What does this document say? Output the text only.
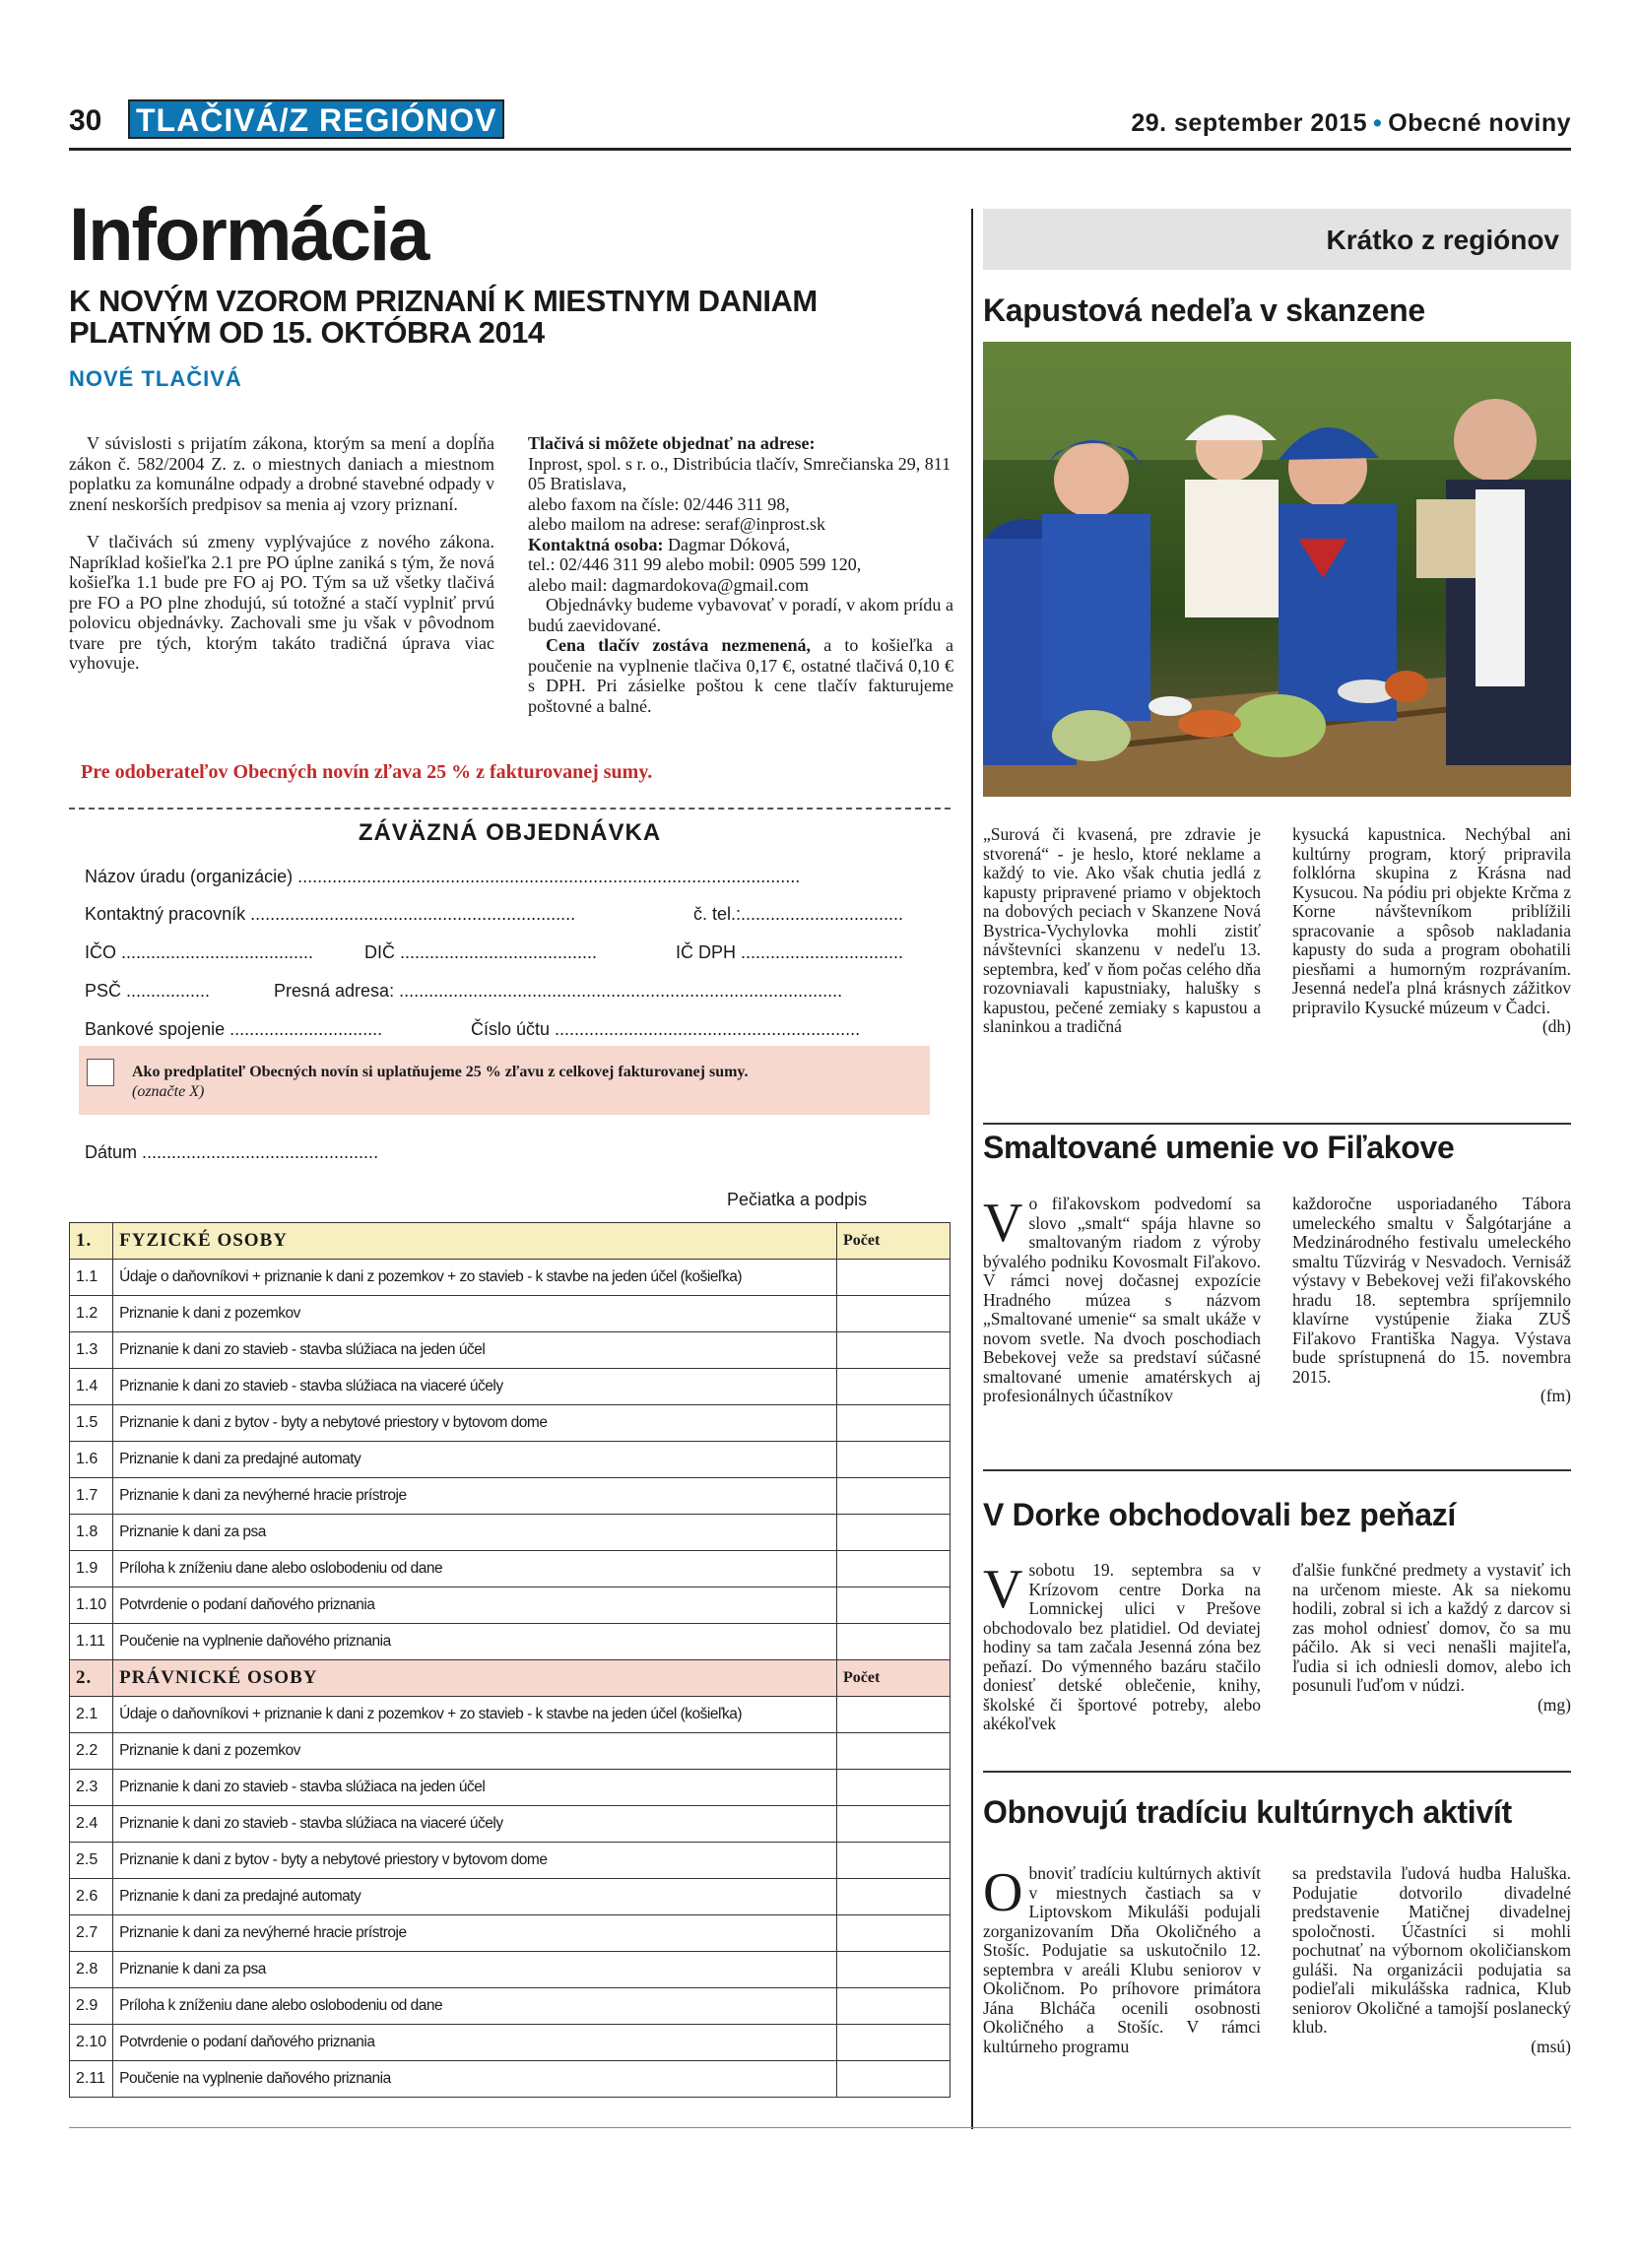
30 TLAČIVÁ/Z REGIÓNOV	29. september 2015 • Obecné noviny
Informácia
K NOVÝM VZOROM PRIZNANÍ K MIESTNYM DANIAM PLATNÝM OD 15. OKTÓBRA 2014
NOVÉ TLAČIVÁ

V súvislosti s prijatím zákona, ktorým sa mení a dopĺňa zákon č. 582/2004 Z. z. o miestnych daniach a miestnom poplatku za komunálne odpady a drobné stavebné odpady v znení neskorších predpisov sa menia aj vzory priznaní.

V tlačivách sú zmeny vyplývajúce z nového zákona. Napríklad košieľka 2.1 pre PO úplne zaniká s tým, že nová košieľka 1.1 bude pre FO aj PO. Tým sa už všetky tlačivá pre FO a PO plne zhodujú, sú totožné a stačí vyplniť prvú polovicu objednávky. Zachovali sme ju však v pôvodnom tvare pre tých, ktorým takáto tradičná úprava viac vyhovuje.

Tlačivá si môžete objednať na adrese:

Inprost, spol. s r. o., Distribúcia tlačív, Smrečianska 29, 811 05 Bratislava,

alebo faxom na čísle: 02/446 311 98,

alebo mailom na adrese: seraf@inprost.sk

Kontaktná osoba: Dagmar Dóková,

tel.: 02/446 311 99 alebo mobil: 0905 599 120,

alebo mail: dagmardokova@gmail.com

Objednávky budeme vybavovať v poradí, v akom prídu a budú zaevidované.

Cena tlačív zostáva nezmenená, a to košieľka a poučenie na vyplnenie tlačiva 0,17 €, ostatné tlačivá 0,10 € s DPH. Pri zásielke poštou k cene tlačív fakturujeme poštovné a balné.

Pre odoberateľov Obecných novín zľava 25 % z fakturovanej sumy.
ZÁVÄZNÁ OBJEDNÁVKA
Názov úradu (organizácie) ......................................................................................................
Kontaktný pracovník ..................................................................	č. tel.:.................................
IČO .......................................	DIČ ........................................	IČ DPH .................................
PSČ .................	Presná adresa: ..........................................................................................
Bankové spojenie ...............................	Číslo účtu ..............................................................
Ako predplatiteľ Obecných novín si uplatňujeme 25 % zľavu z celkovej fakturovanej sumy.
(označte X)
Dátum ................................................
Pečiatka a podpis
1.	FYZICKÉ OSOBY	Počet
1.1	Údaje o daňovníkovi + priznanie k dani z pozemkov + zo stavieb - k stavbe na jeden účel (košieľka)	
1.2	Priznanie k dani z pozemkov	
1.3	Priznanie k dani zo stavieb - stavba slúžiaca na jeden účel	
1.4	Priznanie k dani zo stavieb - stavba slúžiaca na viaceré účely	
1.5	Priznanie k dani z bytov - byty a nebytové priestory v bytovom dome	
1.6	Priznanie k dani za predajné automaty	
1.7	Priznanie k dani za nevýherné hracie prístroje	
1.8	Priznanie k dani za psa	
1.9	Príloha k zníženiu dane alebo oslobodeniu od dane	
1.10	Potvrdenie o podaní daňového priznania	
1.11	Poučenie na vyplnenie daňového priznania	
2.	PRÁVNICKÉ OSOBY	Počet
2.1	Údaje o daňovníkovi + priznanie k dani z pozemkov + zo stavieb - k stavbe na jeden účel (košieľka)	
2.2	Priznanie k dani z pozemkov	
2.3	Priznanie k dani zo stavieb - stavba slúžiaca na jeden účel	
2.4	Priznanie k dani zo stavieb - stavba slúžiaca na viaceré účely	
2.5	Priznanie k dani z bytov - byty a nebytové priestory v bytovom dome	
2.6	Priznanie k dani za predajné automaty	
2.7	Priznanie k dani za nevýherné hracie prístroje	
2.8	Priznanie k dani za psa	
2.9	Príloha k zníženiu dane alebo oslobodeniu od dane	
2.10	Potvrdenie o podaní daňového priznania	
2.11	Poučenie na vyplnenie daňového priznania	
Krátko z regiónov
Kapustová nedeľa v skanzene
„Surová či kvasená, pre zdravie je stvorená“ - je heslo, ktoré neklame a každý to vie. Ako však chutia jedlá z kapusty pripravené priamo v objektoch na dobových peciach v Skanzene Nová Bystrica-Vychylovka mohli zistiť návštevníci skanzenu v nedeľu 13. septembra, keď v ňom počas celého dňa rozovniavali kapustniaky, halušky s kapustou, pečené zemiaky s kapustou a slaninkou a tradičná
kysucká kapustnica. Nechýbal ani kultúrny program, ktorý pripravila folklórna skupina z Krásna nad Kysucou. Na pódiu pri objekte Krčma z Korne návštevníkom priblížili spracovanie a spôsob nakladania kapusty do suda a program obohatili piesňami a humorným rozprávaním. Jesenná nedeľa plná krásnych zážitkov pripravilo Kysucké múzeum v Čadci.
(dh)
Smaltované umenie vo Fiľakove
Vo fiľakovskom podvedomí sa slovo „smalt“ spája hlavne so smaltovaným riadom z výroby bývalého podniku Kovosmalt Fiľakovo. V rámci novej dočasnej expozície Hradného múzea s názvom „Smaltované umenie“ sa smalt ukáže v novom svetle. Na dvoch poschodiach Bebekovej veže sa predstaví súčasné smaltované umenie amatérskych aj profesionálnych účastníkov
každoročne usporiadaného Tábora umeleckého smaltu v Šalgótarjáne a Medzinárodného festivalu umeleckého smaltu Tűzvirág v Nesvadoch. Vernisáž výstavy v Bebekovej veži fiľakovského hradu 18. septembra spríjemnilo klavírne vystúpenie žiaka ZUŠ Fiľakovo Františka Nagya. Výstava bude sprístupnená do 15. novembra 2015.
(fm)
V Dorke obchodovali bez peňazí
Vsobotu 19. septembra sa v Krízovom centre Dorka na Lomnickej ulici v Prešove obchodovalo bez platidiel. Od deviatej hodiny sa tam začala Jesenná zóna bez peňazí. Do výmenného bazáru stačilo doniesť detské oblečenie, knihy, školské či športové potreby, alebo akékoľvek
ďalšie funkčné predmety a vystaviť ich na určenom mieste. Ak sa niekomu hodili, zobral si ich a každý z darcov si zas mohol odniesť domov, čo sa mu páčilo. Ak si veci nenašli majiteľa, ľudia si ich odniesli domov, alebo ich posunuli ľuďom v núdzi.
(mg)
Obnovujú tradíciu kultúrnych aktivít
Obnoviť tradíciu kultúrnych aktivít v miestnych častiach sa v Liptovskom Mikuláši podujali zorganizovaním Dňa Okoličného a Stošíc. Podujatie sa uskutočnilo 12. septembra v areáli Klubu seniorov v Okoličnom. Po príhovore primátora Jána Blcháča ocenili osobnosti Okoličného a Stošíc. V rámci kultúrneho programu
sa predstavila ľudová hudba Haluška. Podujatie dotvorilo divadelné predstavenie Matičnej divadelnej spoločnosti. Účastníci si mohli pochutnať na výbornom okoličianskom guláši. Na organizácii podujatia sa podieľali mikulášska radnica, Klub seniorov Okoličné a tamojší poslanecký klub.
(msú)
